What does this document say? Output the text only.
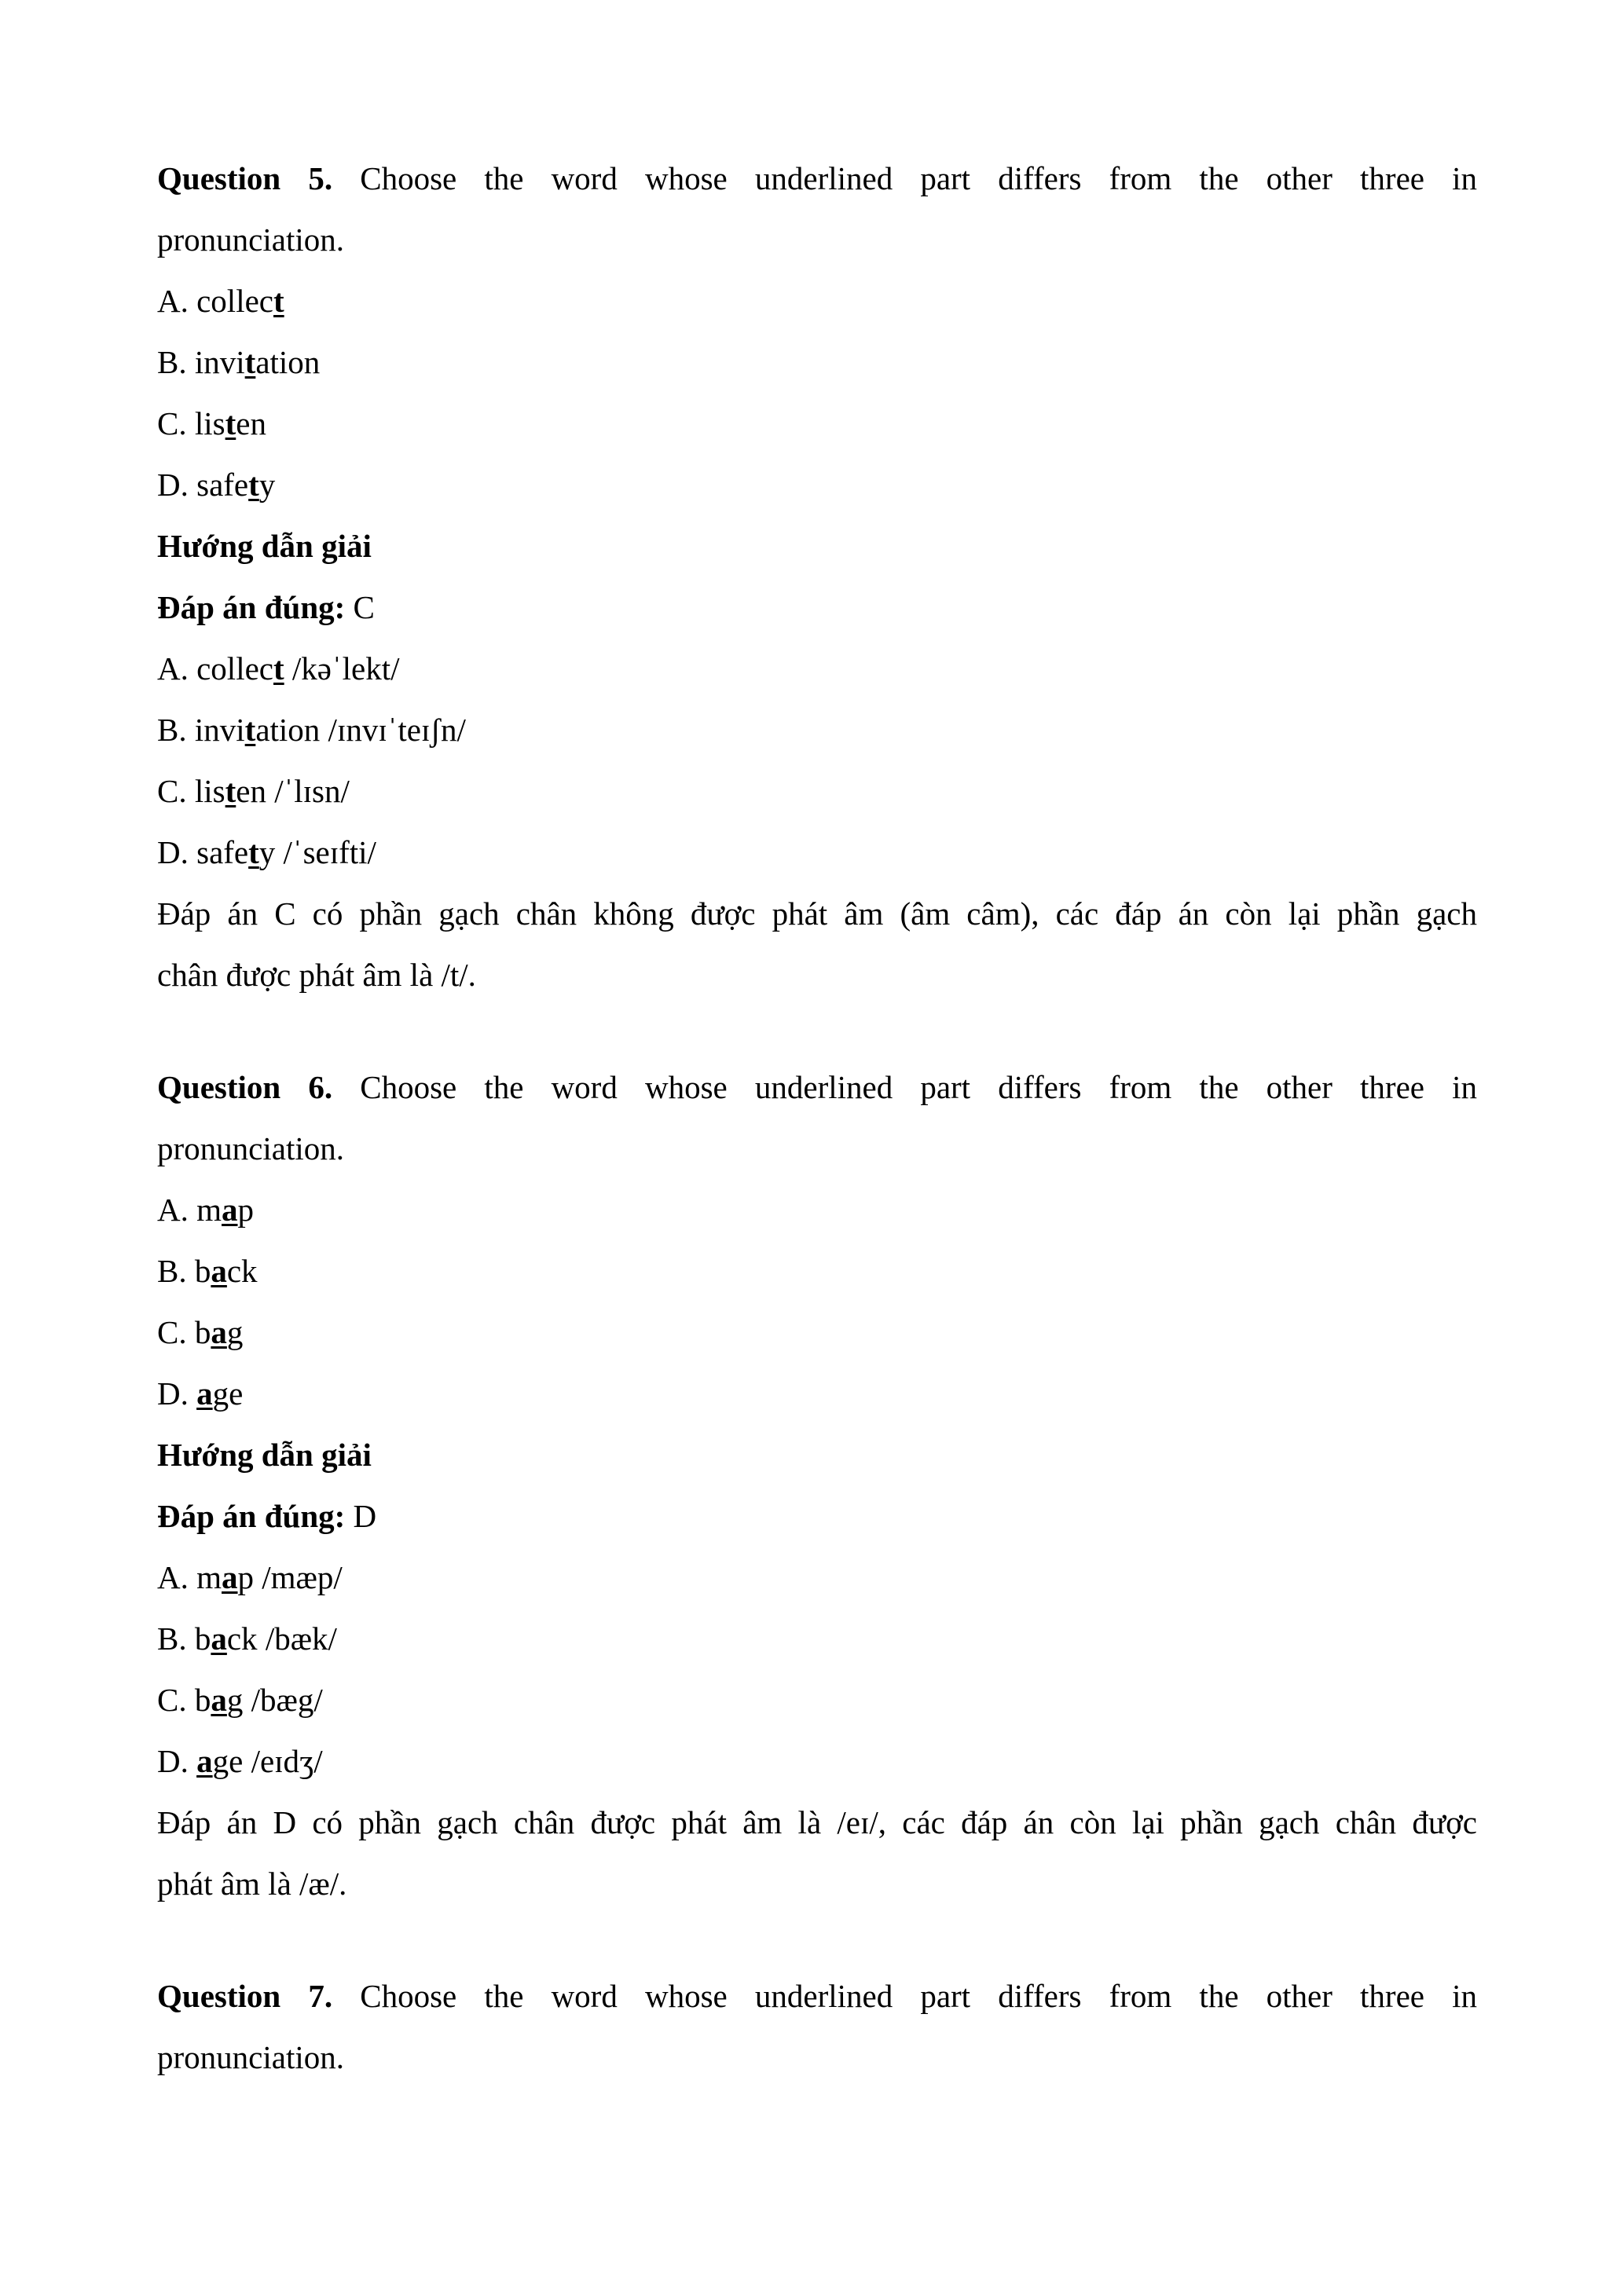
Question 5. Choose the word whose underlined part differs from the other three in
pronunciation.
A. collect
B. invitation
C. listen
D. safety
Hướng dẫn giải
Đáp án đúng: C
A. collect /kəˈlekt/
B. invitation /ɪnvɪˈteɪʃn/
C. listen /ˈlɪsn/
D. safety /ˈseɪfti/
Đáp án C có phần gạch chân không được phát âm (âm câm), các đáp án còn lại phần gạch
chân được phát âm là /t/.
Question 6. Choose the word whose underlined part differs from the other three in
pronunciation.
A. map
B. back
C. bag
D. age
Hướng dẫn giải
Đáp án đúng: D
A. map /mæp/
B. back /bæk/
C. bag /bæg/
D. age /eɪdʒ/
Đáp án D có phần gạch chân được phát âm là /eɪ/, các đáp án còn lại phần gạch chân được
phát âm là /æ/.
Question 7. Choose the word whose underlined part differs from the other three in
pronunciation.
